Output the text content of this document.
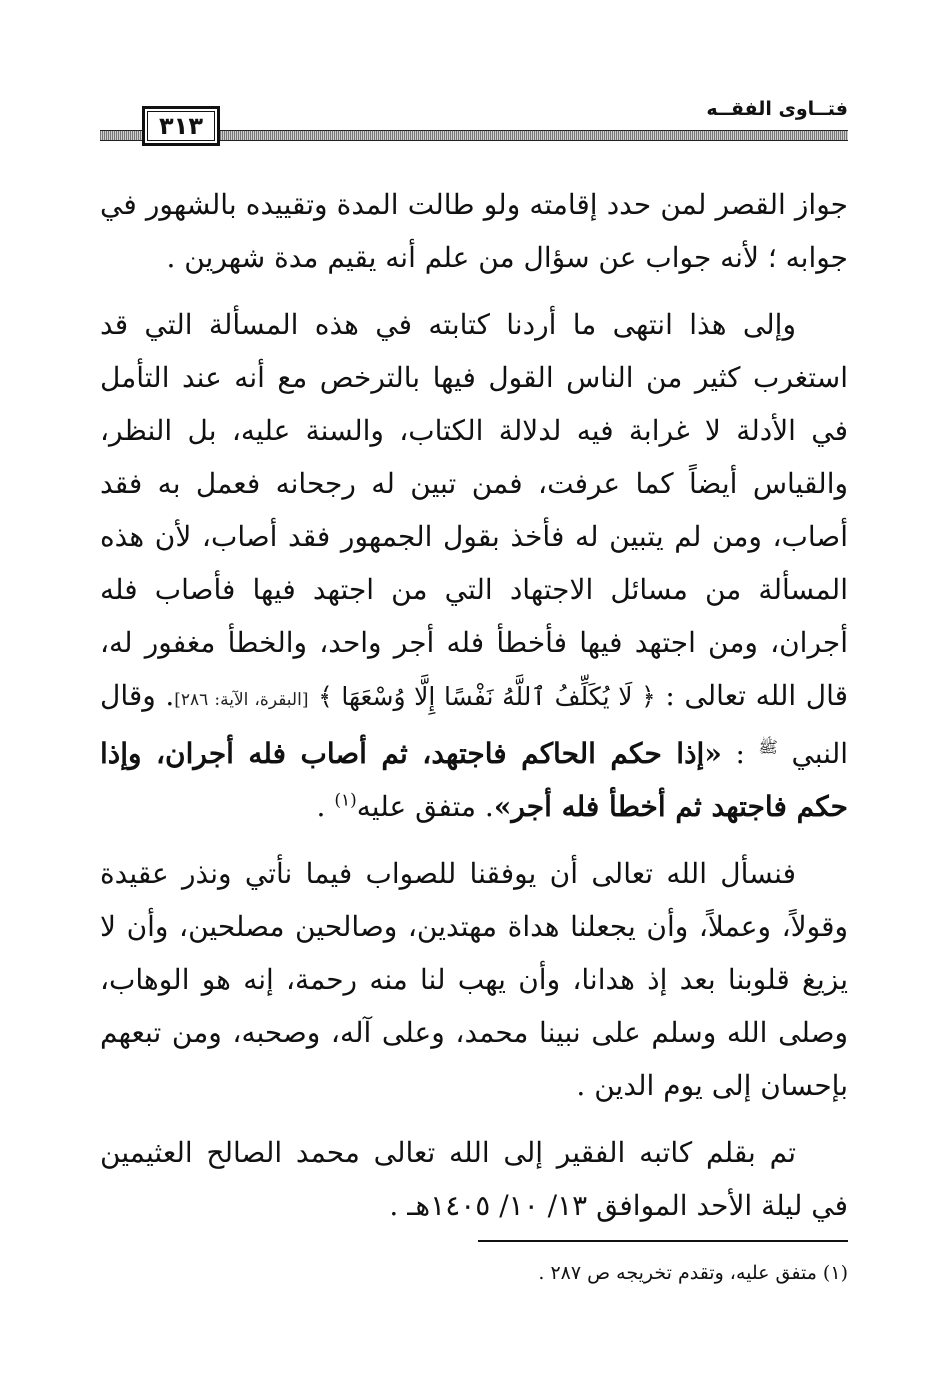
٣١٣
فتــاوى الفقــه

جواز القصر لمن حدد إقامته ولو طالت المدة وتقييده بالشهور في جوابه ؛ لأنه جواب عن سؤال من علم أنه يقيم مدة شهرين .

وإلى هذا انتهى ما أردنا كتابته في هذه المسألة التي قد استغرب كثير من الناس القول فيها بالترخص مع أنه عند التأمل في الأدلة لا غرابة فيه لدلالة الكتاب، والسنة عليه، بل النظر، والقياس أيضاً كما عرفت، فمن تبين له رجحانه فعمل به فقد أصاب، ومن لم يتبين له فأخذ بقول الجمهور فقد أصاب، لأن هذه المسألة من مسائل الاجتهاد التي من اجتهد فيها فأصاب فله أجران، ومن اجتهد فيها فأخطأ فله أجر واحد، والخطأ مغفور له، قال الله تعالى : ﴿ لَا يُكَلِّفُ ٱللَّهُ نَفْسًا إِلَّا وُسْعَهَا ﴾ [البقرة، الآية: ٢٨٦]. وقال النبي $^ﷺ$ : «إذا حكم الحاكم فاجتهد، ثم أصاب فله أجران، وإذا حكم فاجتهد ثم أخطأ فله أجر». متفق عليه$^{(١)}$ .

فنسأل الله تعالى أن يوفقنا للصواب فيما نأتي ونذر عقيدة وقولاً، وعملاً، وأن يجعلنا هداة مهتدين، وصالحين مصلحين، وأن لا يزيغ قلوبنا بعد إذ هدانا، وأن يهب لنا منه رحمة، إنه هو الوهاب، وصلى الله وسلم على نبينا محمد، وعلى آله، وصحبه، ومن تبعهم بإحسان إلى يوم الدين .

تم بقلم كاتبه الفقير إلى الله تعالى محمد الصالح العثيمين في ليلة الأحد الموافق ١٣/ ١٠/ ١٤٠٥هـ .

(١) متفق عليه، وتقدم تخريجه ص ٢٨٧ .
